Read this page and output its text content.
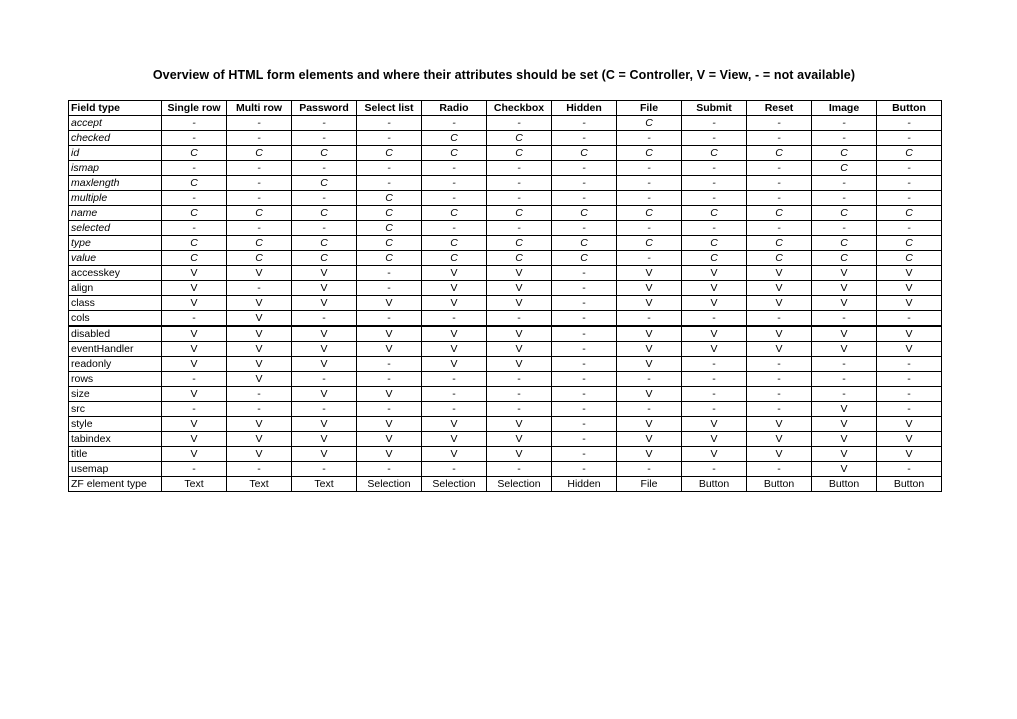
Overview of HTML form elements and where their attributes should be set (C = Controller, V = View, - = not available)
Field type	Single row	Multi row	Password	Select list	Radio	Checkbox	Hidden	File	Submit	Reset	Image	Button
accept	-	-	-	-	-	-	-	C	-	-	-	-
checked	-	-	-	-	C	C	-	-	-	-	-	-
id	C	C	C	C	C	C	C	C	C	C	C	C
ismap	-	-	-	-	-	-	-	-	-	-	C	-
maxlength	C	-	C	-	-	-	-	-	-	-	-	-
multiple	-	-	-	C	-	-	-	-	-	-	-	-
name	C	C	C	C	C	C	C	C	C	C	C	C
selected	-	-	-	C	-	-	-	-	-	-	-	-
type	C	C	C	C	C	C	C	C	C	C	C	C
value	C	C	C	C	C	C	C	-	C	C	C	C
accesskey	V	V	V	-	V	V	-	V	V	V	V	V
align	V	-	V	-	V	V	-	V	V	V	V	V
class	V	V	V	V	V	V	-	V	V	V	V	V
cols	-	V	-	-	-	-	-	-	-	-	-	-
disabled	V	V	V	V	V	V	-	V	V	V	V	V
eventHandler	V	V	V	V	V	V	-	V	V	V	V	V
readonly	V	V	V	-	V	V	-	V	-	-	-	-
rows	-	V	-	-	-	-	-	-	-	-	-	-
size	V	-	V	V	-	-	-	V	-	-	-	-
src	-	-	-	-	-	-	-	-	-	-	V	-
style	V	V	V	V	V	V	-	V	V	V	V	V
tabindex	V	V	V	V	V	V	-	V	V	V	V	V
title	V	V	V	V	V	V	-	V	V	V	V	V
usemap	-	-	-	-	-	-	-	-	-	-	V	-
ZF element type	Text	Text	Text	Selection	Selection	Selection	Hidden	File	Button	Button	Button	Button
